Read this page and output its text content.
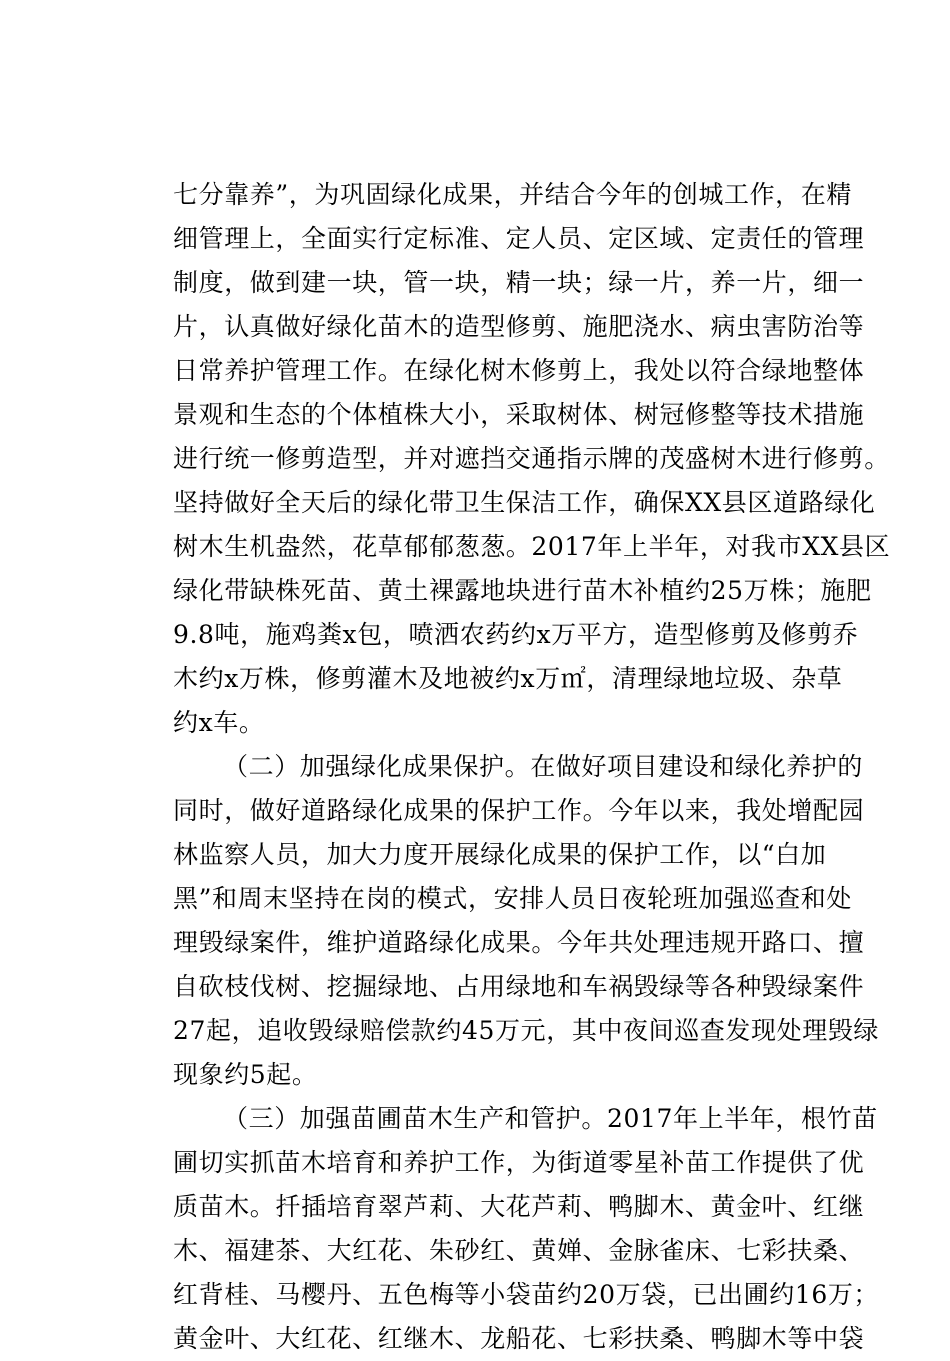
七分靠养”，为巩固绿化成果，并结合今年的创城工作，在精
细管理上，全面实行定标准、定人员、定区域、定责任的管理
制度，做到建一块，管一块，精一块；绿一片，养一片，细一
片，认真做好绿化苗木的造型修剪、施肥浇水、病虫害防治等
日常养护管理工作。在绿化树木修剪上，我处以符合绿地整体
景观和生态的个体植株大小，采取树体、树冠修整等技术措施
进行统一修剪造型，并对遮挡交通指示牌的茂盛树木进行修剪。
坚持做好全天后的绿化带卫生保洁工作，确保XX县区道路绿化
树木生机盎然，花草郁郁葱葱。2017年上半年，对我市XX县区
绿化带缺株死苗、黄土裸露地块进行苗木补植约25万株；施肥
9.8吨，施鸡粪x包，喷洒农药约x万平方，造型修剪及修剪乔
木约x万株，修剪灌木及地被约x万㎡，清理绿地垃圾、杂草
约x车。
（二）加强绿化成果保护。在做好项目建设和绿化养护的
同时，做好道路绿化成果的保护工作。今年以来，我处增配园
林监察人员，加大力度开展绿化成果的保护工作，以“白加
黑”和周末坚持在岗的模式，安排人员日夜轮班加强巡查和处
理毁绿案件，维护道路绿化成果。今年共处理违规开路口、擅
自砍枝伐树、挖掘绿地、占用绿地和车祸毁绿等各种毁绿案件
27起，追收毁绿赔偿款约45万元，其中夜间巡查发现处理毁绿
现象约5起。
（三）加强苗圃苗木生产和管护。2017年上半年，根竹苗
圃切实抓苗木培育和养护工作，为街道零星补苗工作提供了优
质苗木。扦插培育翠芦莉、大花芦莉、鸭脚木、黄金叶、红继
木、福建茶、大红花、朱砂红、黄婵、金脉雀床、七彩扶桑、
红背桂、马樱丹、五色梅等小袋苗约20万袋，已出圃约16万；
黄金叶、大红花、红继木、龙船花、七彩扶桑、鸭脚木等中袋
